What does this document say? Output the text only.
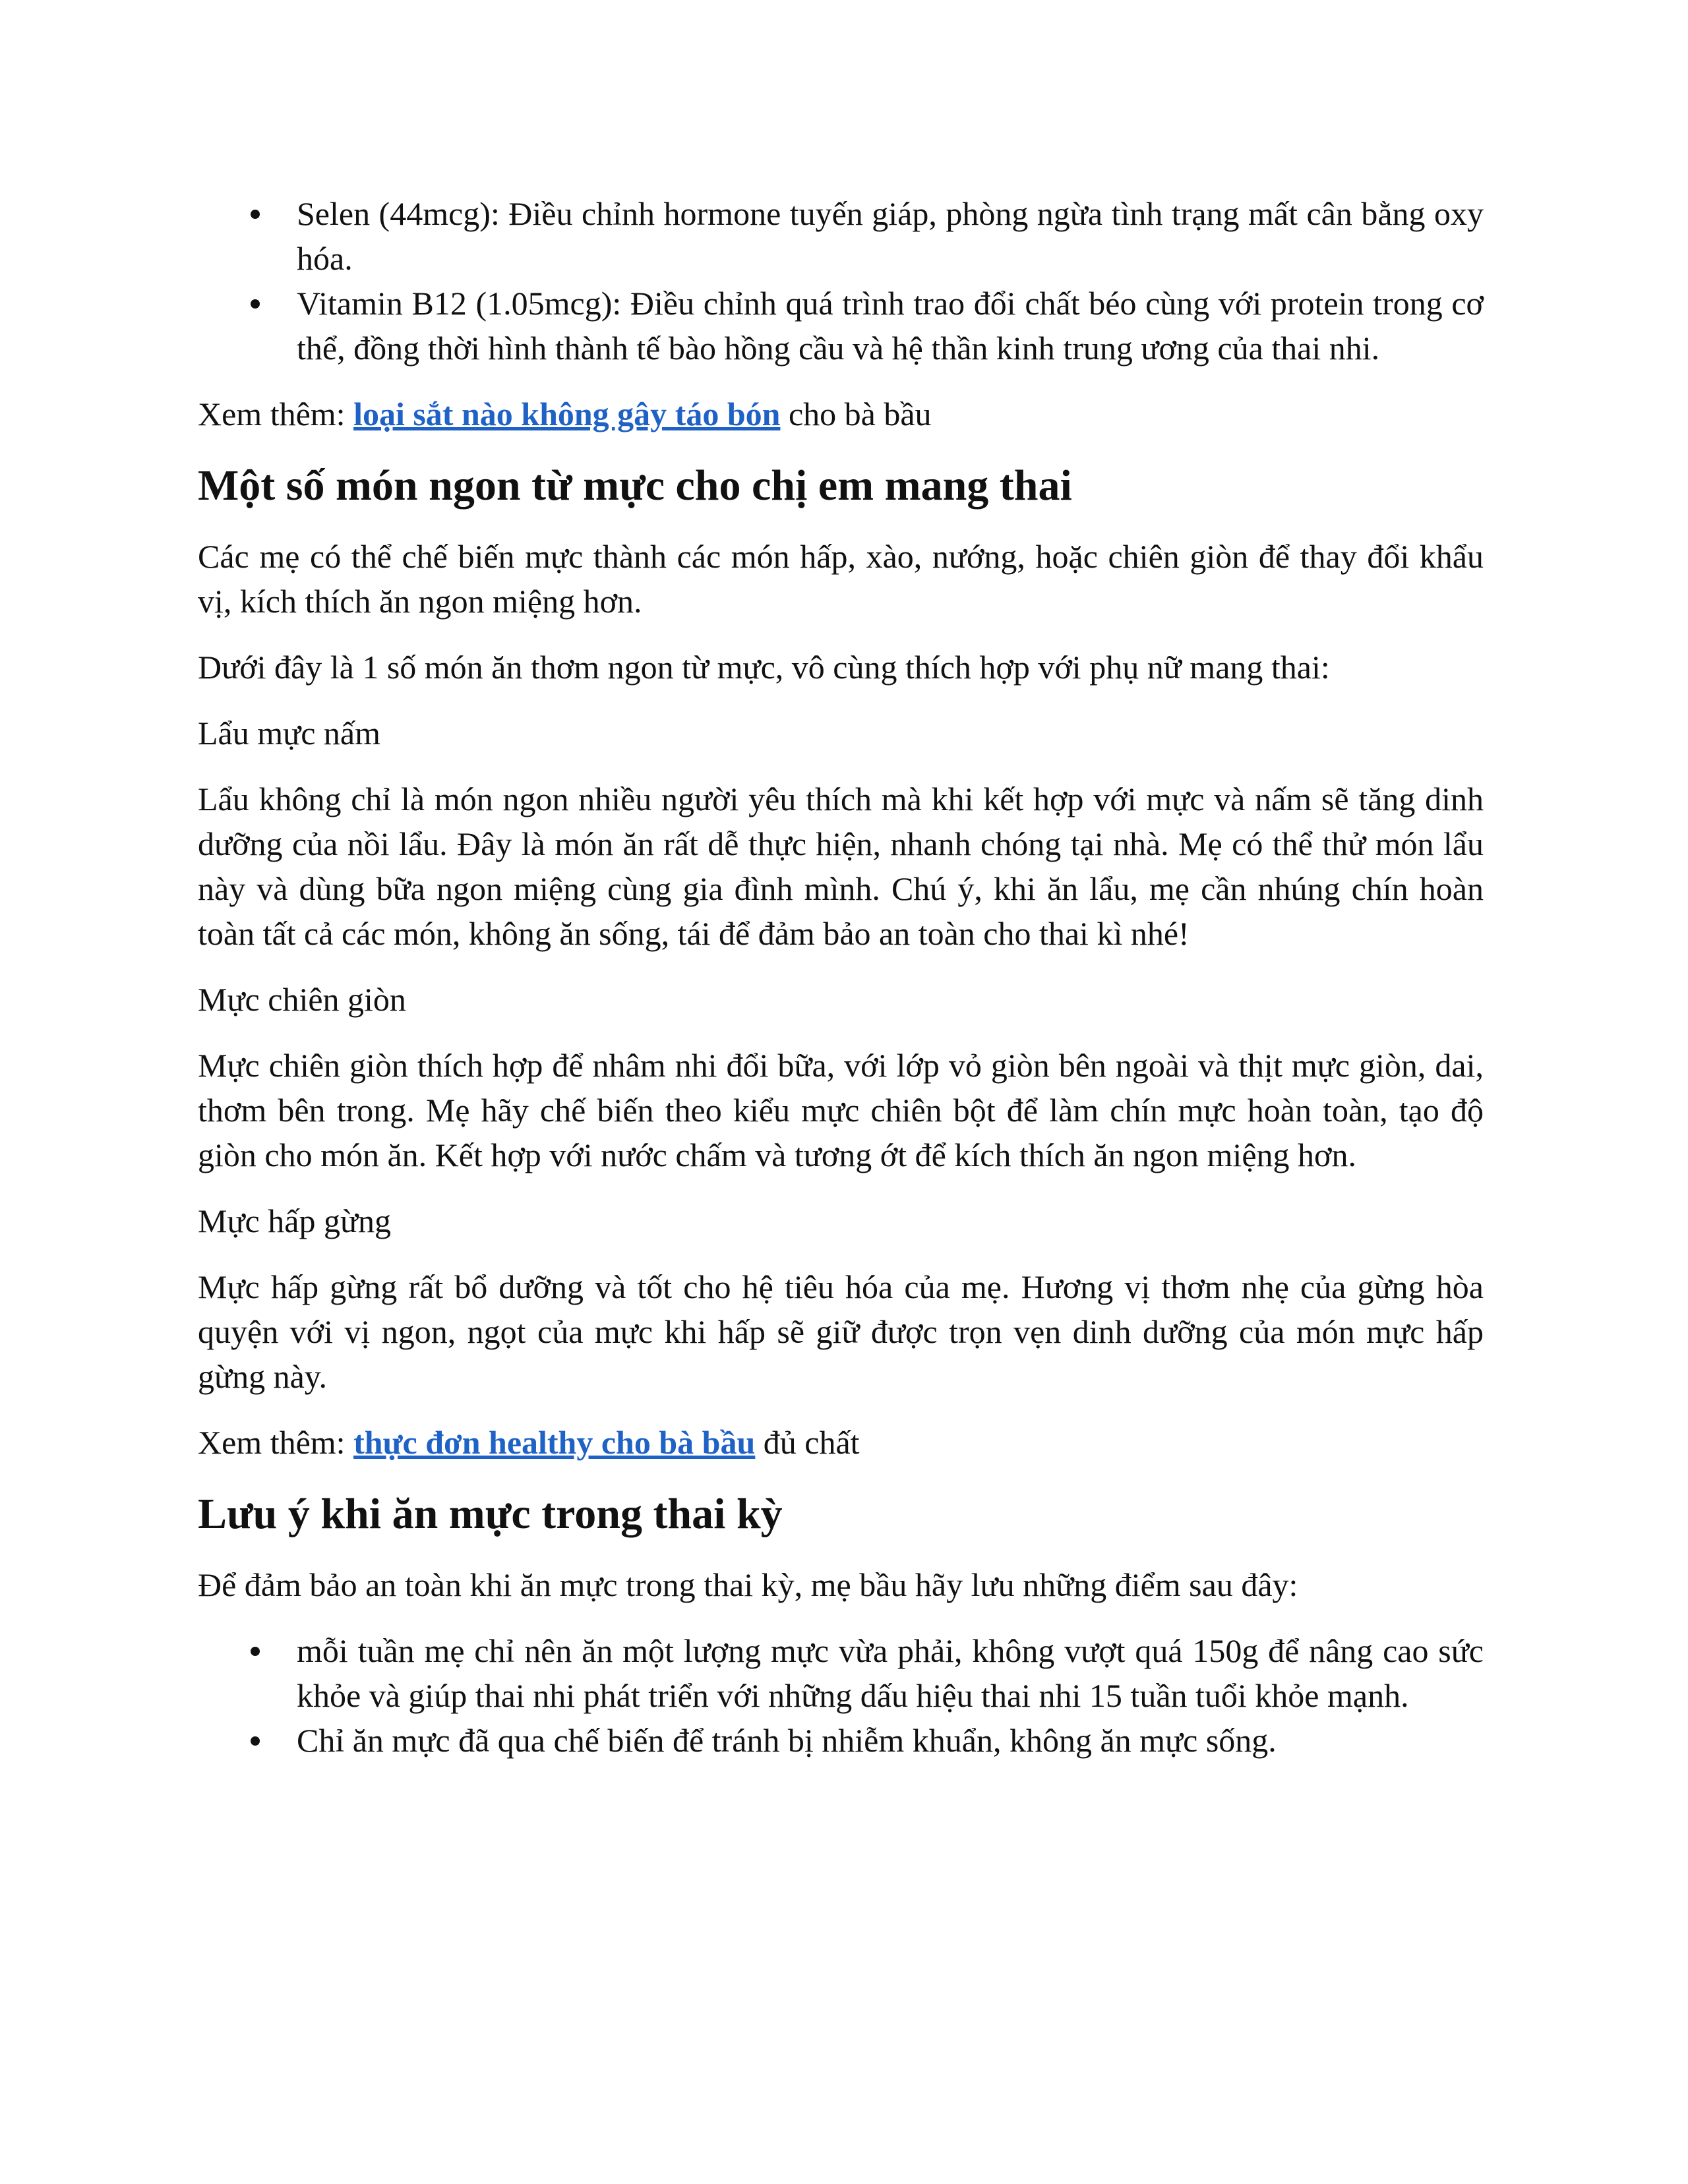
Selen (44mcg): Điều chỉnh hormone tuyến giáp, phòng ngừa tình trạng mất cân bằng oxy hóa.
Vitamin B12 (1.05mcg): Điều chỉnh quá trình trao đổi chất béo cùng với protein trong cơ thể, đồng thời hình thành tế bào hồng cầu và hệ thần kinh trung ương của thai nhi.

Xem thêm: loại sắt nào không gây táo bón cho bà bầu

Một số món ngon từ mực cho chị em mang thai

Các mẹ có thể chế biến mực thành các món hấp, xào, nướng, hoặc chiên giòn để thay đổi khẩu vị, kích thích ăn ngon miệng hơn.

Dưới đây là 1 số món ăn thơm ngon từ mực, vô cùng thích hợp với phụ nữ mang thai:

Lẩu mực nấm

Lẩu không chỉ là món ngon nhiều người yêu thích mà khi kết hợp với mực và nấm sẽ tăng dinh dưỡng của nồi lẩu. Đây là món ăn rất dễ thực hiện, nhanh chóng tại nhà. Mẹ có thể thử món lẩu này và dùng bữa ngon miệng cùng gia đình mình. Chú ý, khi ăn lẩu, mẹ cần nhúng chín hoàn toàn tất cả các món, không ăn sống, tái để đảm bảo an toàn cho thai kì nhé!

Mực chiên giòn

Mực chiên giòn thích hợp để nhâm nhi đổi bữa, với lớp vỏ giòn bên ngoài và thịt mực giòn, dai, thơm bên trong. Mẹ hãy chế biến theo kiểu mực chiên bột để làm chín mực hoàn toàn, tạo độ giòn cho món ăn. Kết hợp với nước chấm và tương ớt để kích thích ăn ngon miệng hơn.

Mực hấp gừng

Mực hấp gừng rất bổ dưỡng và tốt cho hệ tiêu hóa của mẹ. Hương vị thơm nhẹ của gừng hòa quyện với vị ngon, ngọt của mực khi hấp sẽ giữ được trọn vẹn dinh dưỡng của món mực hấp gừng này.

Xem thêm: thực đơn healthy cho bà bầu đủ chất

Lưu ý khi ăn mực trong thai kỳ

Để đảm bảo an toàn khi ăn mực trong thai kỳ, mẹ bầu hãy lưu những điểm sau đây:

mỗi tuần mẹ chỉ nên ăn một lượng mực vừa phải, không vượt quá 150g để nâng cao sức khỏe và giúp thai nhi phát triển với những dấu hiệu thai nhi 15 tuần tuổi khỏe mạnh.
Chỉ ăn mực đã qua chế biến để tránh bị nhiễm khuẩn, không ăn mực sống.
